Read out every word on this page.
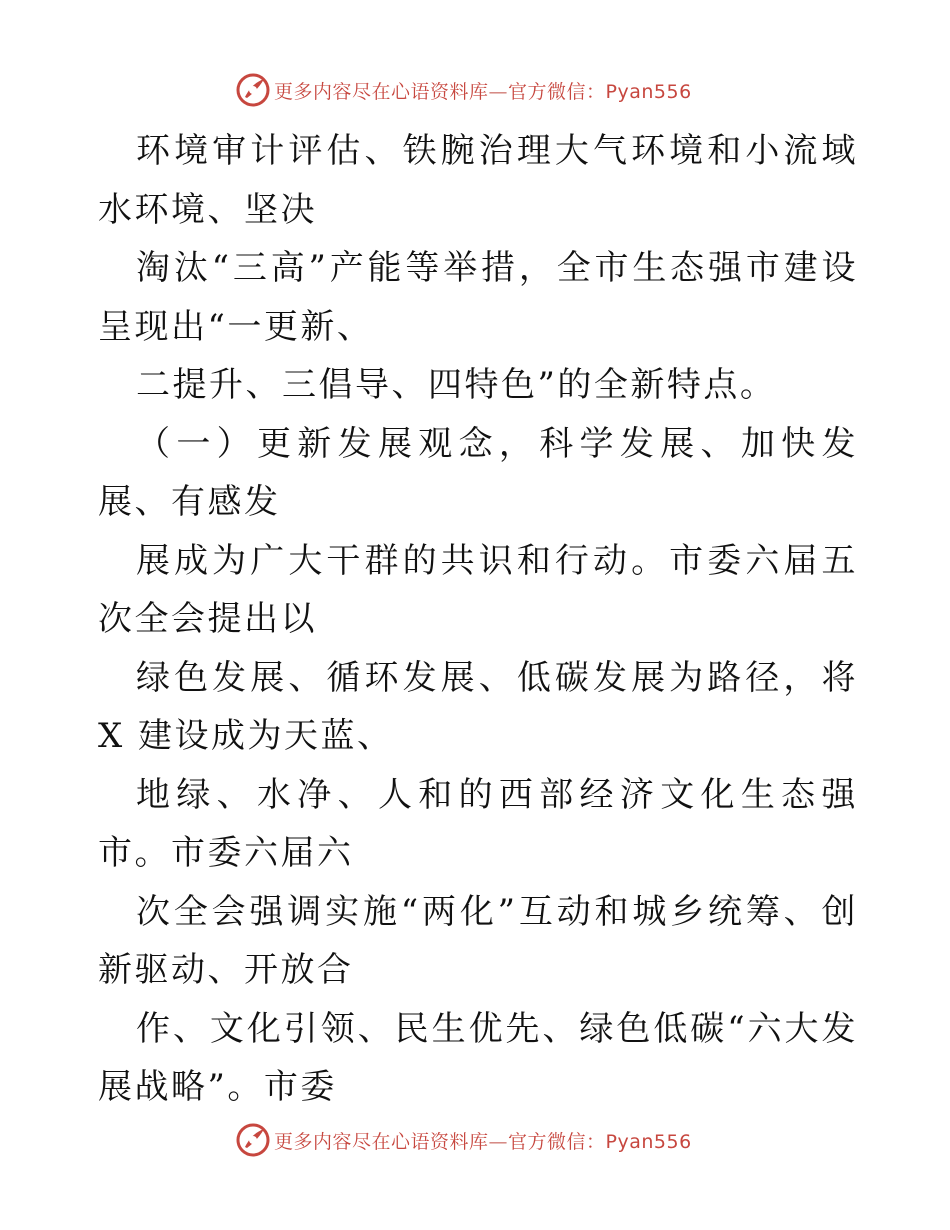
更多内容尽在心语资料库—官方微信：Pyan556

环境审计评估、铁腕治理大气环境和小流域水环境、坚决

淘汰“三高”产能等举措，全市生态强市建设呈现出“一更新、

二提升、三倡导、四特色”的全新特点。

（一）更新发展观念，科学发展、加快发展、有感发

展成为广大干群的共识和行动。市委六届五次全会提出以

绿色发展、循环发展、低碳发展为路径，将 X 建设成为天蓝、

地绿、水净、人和的西部经济文化生态强市。市委六届六

次全会强调实施“两化”互动和城乡统筹、创新驱动、开放合

作、文化引领、民生优先、绿色低碳“六大发展战略”。市委

更多内容尽在心语资料库—官方微信：Pyan556
